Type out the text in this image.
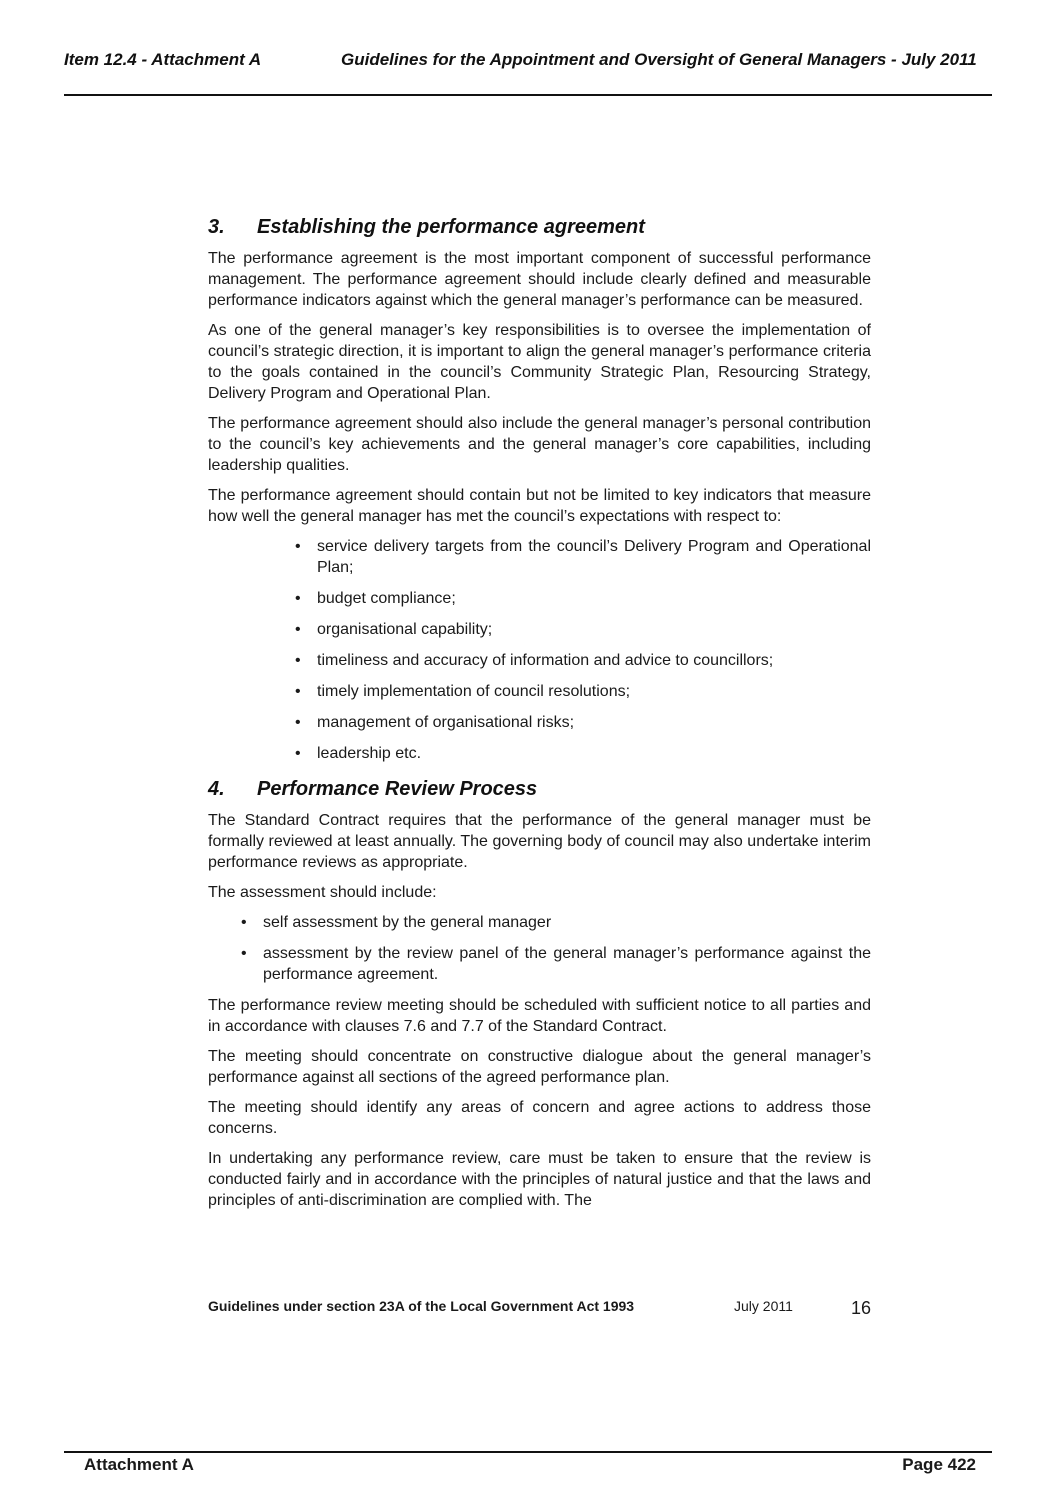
Item 12.4 - Attachment A	Guidelines for the Appointment and Oversight of General Managers - July 2011
3.	Establishing the performance agreement

The performance agreement is the most important component of successful performance management. The performance agreement should include clearly defined and measurable performance indicators against which the general manager’s performance can be measured.

As one of the general manager’s key responsibilities is to oversee the implementation of council’s strategic direction, it is important to align the general manager’s performance criteria to the goals contained in the council’s Community Strategic Plan, Resourcing Strategy, Delivery Program and Operational Plan.

The performance agreement should also include the general manager’s personal contribution to the council’s key achievements and the general manager’s core capabilities, including leadership qualities.

The performance agreement should contain but not be limited to key indicators that measure how well the general manager has met the council’s expectations with respect to:

• service delivery targets from the council’s Delivery Program and Operational Plan;
• budget compliance;
• organisational capability;
• timeliness and accuracy of information and advice to councillors;
• timely implementation of council resolutions;
• management of organisational risks;
• leadership etc.
4.	Performance Review Process

The Standard Contract requires that the performance of the general manager must be formally reviewed at least annually. The governing body of council may also undertake interim performance reviews as appropriate.

The assessment should include:

• self assessment by the general manager
• assessment by the review panel of the general manager’s performance against the performance agreement.

The performance review meeting should be scheduled with sufficient notice to all parties and in accordance with clauses 7.6 and 7.7 of the Standard Contract.

The meeting should concentrate on constructive dialogue about the general manager’s performance against all sections of the agreed performance plan.

The meeting should identify any areas of concern and agree actions to address those concerns.

In undertaking any performance review, care must be taken to ensure that the review is conducted fairly and in accordance with the principles of natural justice and that the laws and principles of anti-discrimination are complied with. The

Guidelines under section 23A of the Local Government Act 1993	July 2011	16
Attachment A	Page 422
